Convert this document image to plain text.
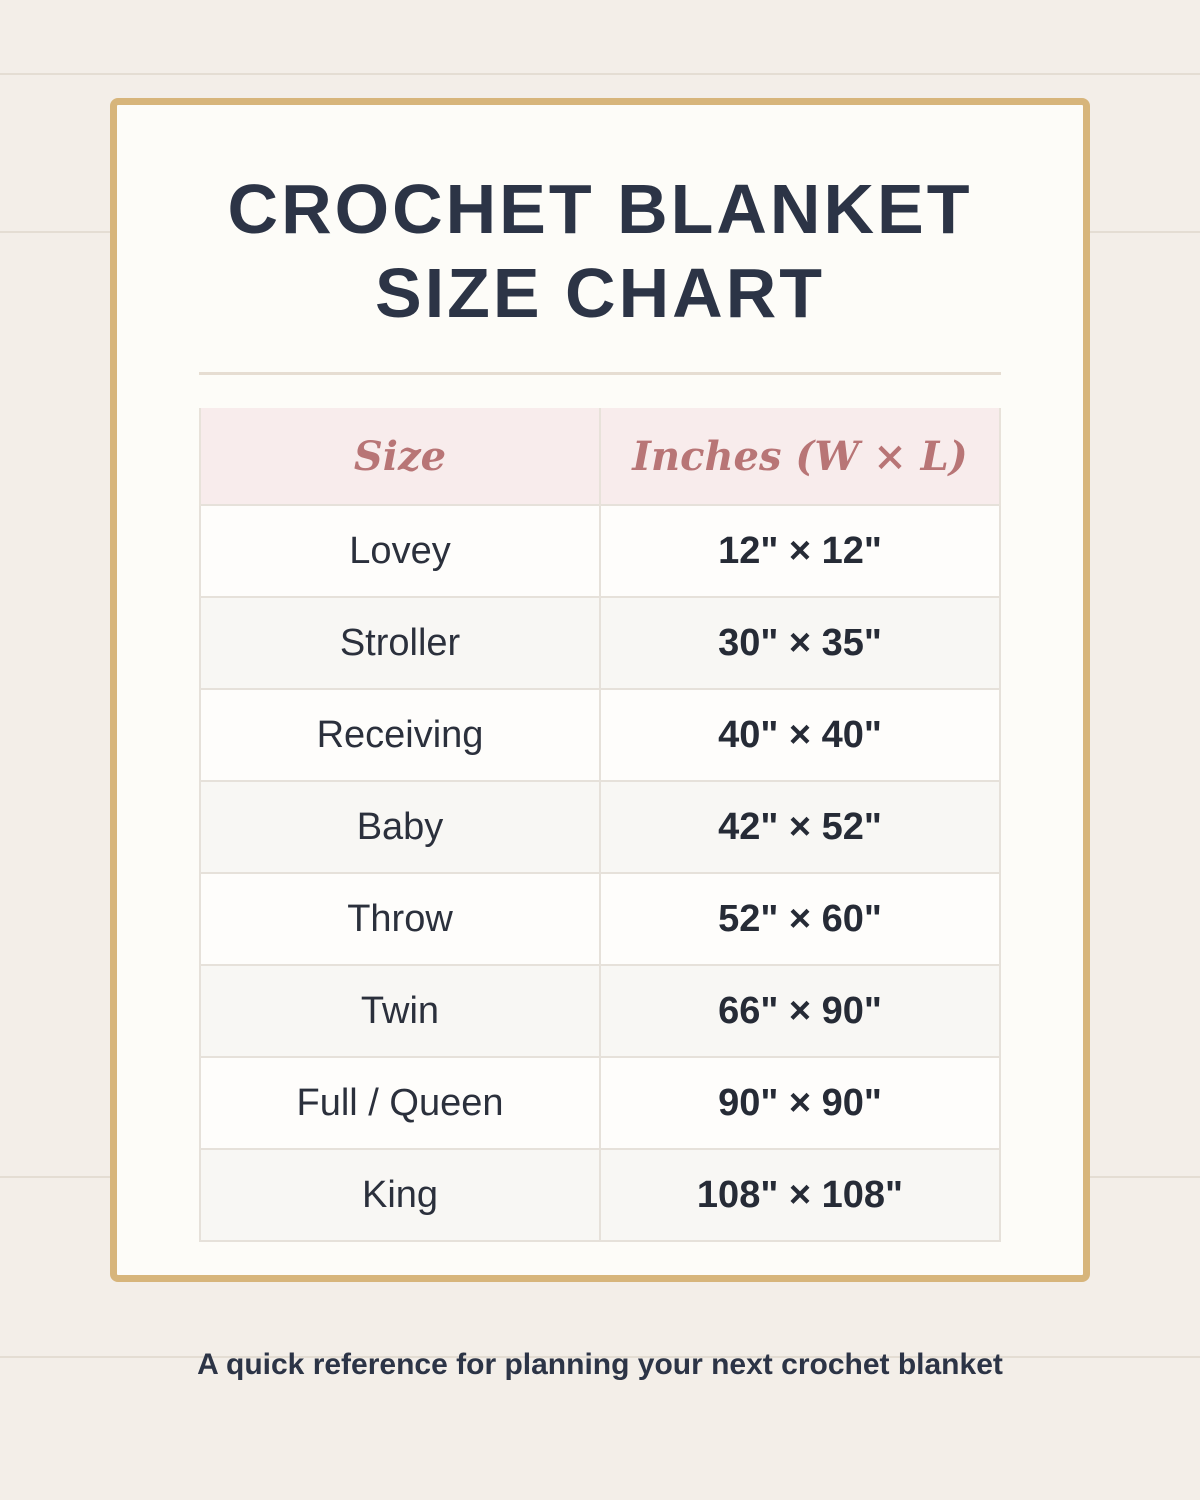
CROCHET BLANKET
SIZE CHART
Size	Inches (W × L)
Lovey	12" × 12"
Stroller	30" × 35"
Receiving	40" × 40"
Baby	42" × 52"
Throw	52" × 60"
Twin	66" × 90"
Full / Queen	90" × 90"
King	108" × 108"

A quick reference for planning your next crochet blanket
